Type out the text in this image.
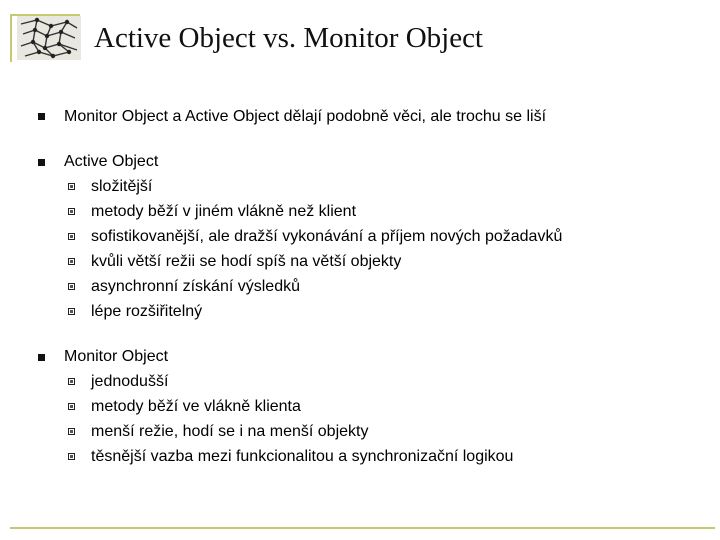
Active Object vs. Monitor Object
Monitor Object a Active Object dělají podobně věci, ale trochu se liší
Active Object
složitější
metody běží v jiném vlákně než klient
sofistikovanější, ale dražší vykonávání a příjem nových požadavků
kvůli větší režii se hodí spíš na větší objekty
asynchronní získání výsledků
lépe rozšiřitelný
Monitor Object
jednodušší
metody běží ve vlákně klienta
menší režie, hodí se i na menší objekty
těsnější vazba mezi funkcionalitou a synchronizační logikou
